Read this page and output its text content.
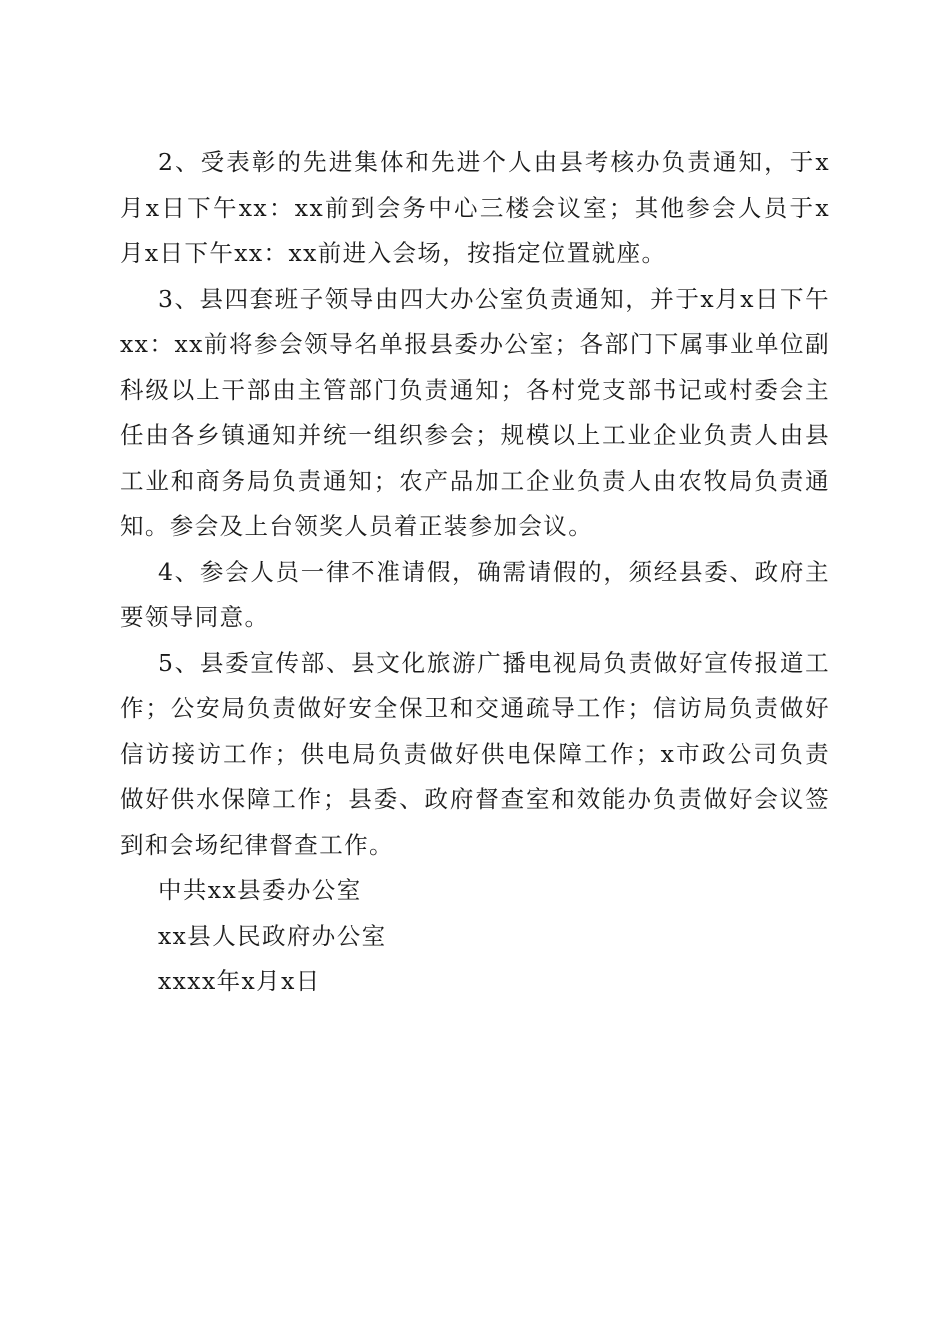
2、受表彰的先进集体和先进个人由县考核办负责通知，于x月x日下午xx：xx前到会务中心三楼会议室；其他参会人员于x月x日下午xx：xx前进入会场，按指定位置就座。

3、县四套班子领导由四大办公室负责通知，并于x月x日下午xx：xx前将参会领导名单报县委办公室；各部门下属事业单位副科级以上干部由主管部门负责通知；各村党支部书记或村委会主任由各乡镇通知并统一组织参会；规模以上工业企业负责人由县工业和商务局负责通知；农产品加工企业负责人由农牧局负责通知。参会及上台领奖人员着正装参加会议。

4、参会人员一律不准请假，确需请假的，须经县委、政府主要领导同意。

5、县委宣传部、县文化旅游广播电视局负责做好宣传报道工作；公安局负责做好安全保卫和交通疏导工作；信访局负责做好信访接访工作；供电局负责做好供电保障工作；x市政公司负责做好供水保障工作；县委、政府督查室和效能办负责做好会议签到和会场纪律督查工作。

中共xx县委办公室

xx县人民政府办公室

xxxx年x月x日
